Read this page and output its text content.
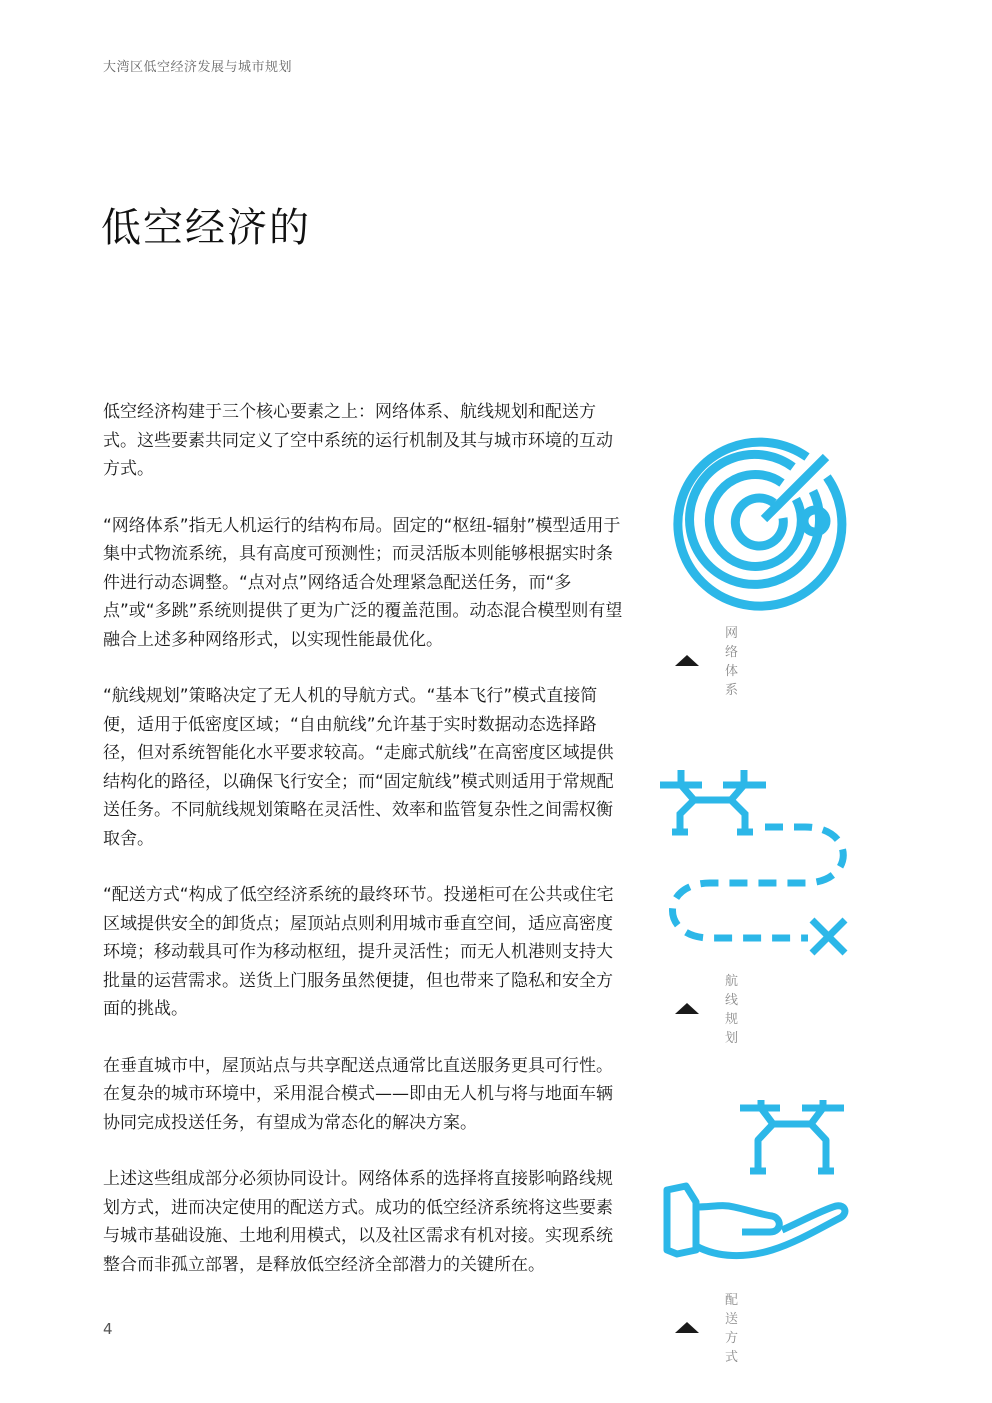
大湾区低空经济发展与城市规划
低空经济的

低空经济构建于三个核心要素之上：网络体系、航线规划和配送方式。这些要素共同定义了空中系统的运行机制及其与城市环境的互动方式。

“网络体系”指无人机运行的结构布局。固定的“枢纽-辐射”模型适用于集中式物流系统，具有高度可预测性；而灵活版本则能够根据实时条件进行动态调整。“点对点”网络适合处理紧急配送任务，而“多点”或“多跳”系统则提供了更为广泛的覆盖范围。动态混合模型则有望融合上述多种网络形式，以实现性能最优化。

“航线规划”策略决定了无人机的导航方式。“基本飞行”模式直接简便，适用于低密度区域；“自由航线”允许基于实时数据动态选择路径，但对系统智能化水平要求较高。“走廊式航线”在高密度区域提供结构化的路径，以确保飞行安全；而“固定航线”模式则适用于常规配送任务。不同航线规划策略在灵活性、效率和监管复杂性之间需权衡取舍。

“配送方式“构成了低空经济系统的最终环节。投递柜可在公共或住宅区域提供安全的卸货点；屋顶站点则利用城市垂直空间，适应高密度环境；移动载具可作为移动枢纽，提升灵活性；而无人机港则支持大批量的运营需求。送货上门服务虽然便捷，但也带来了隐私和安全方面的挑战。

在垂直城市中，屋顶站点与共享配送点通常比直送服务更具可行性。在复杂的城市环境中，采用混合模式——即由无人机与将与地面车辆协同完成投送任务，有望成为常态化的解决方案。

上述这些组成部分必须协同设计。网络体系的选择将直接影响路线规划方式，进而决定使用的配送方式。成功的低空经济系统将这些要素与城市基础设施、土地利用模式，以及社区需求有机对接。实现系统整合而非孤立部署，是释放低空经济全部潜力的关键所在。

网络体系
航线规划
配送方式
4
